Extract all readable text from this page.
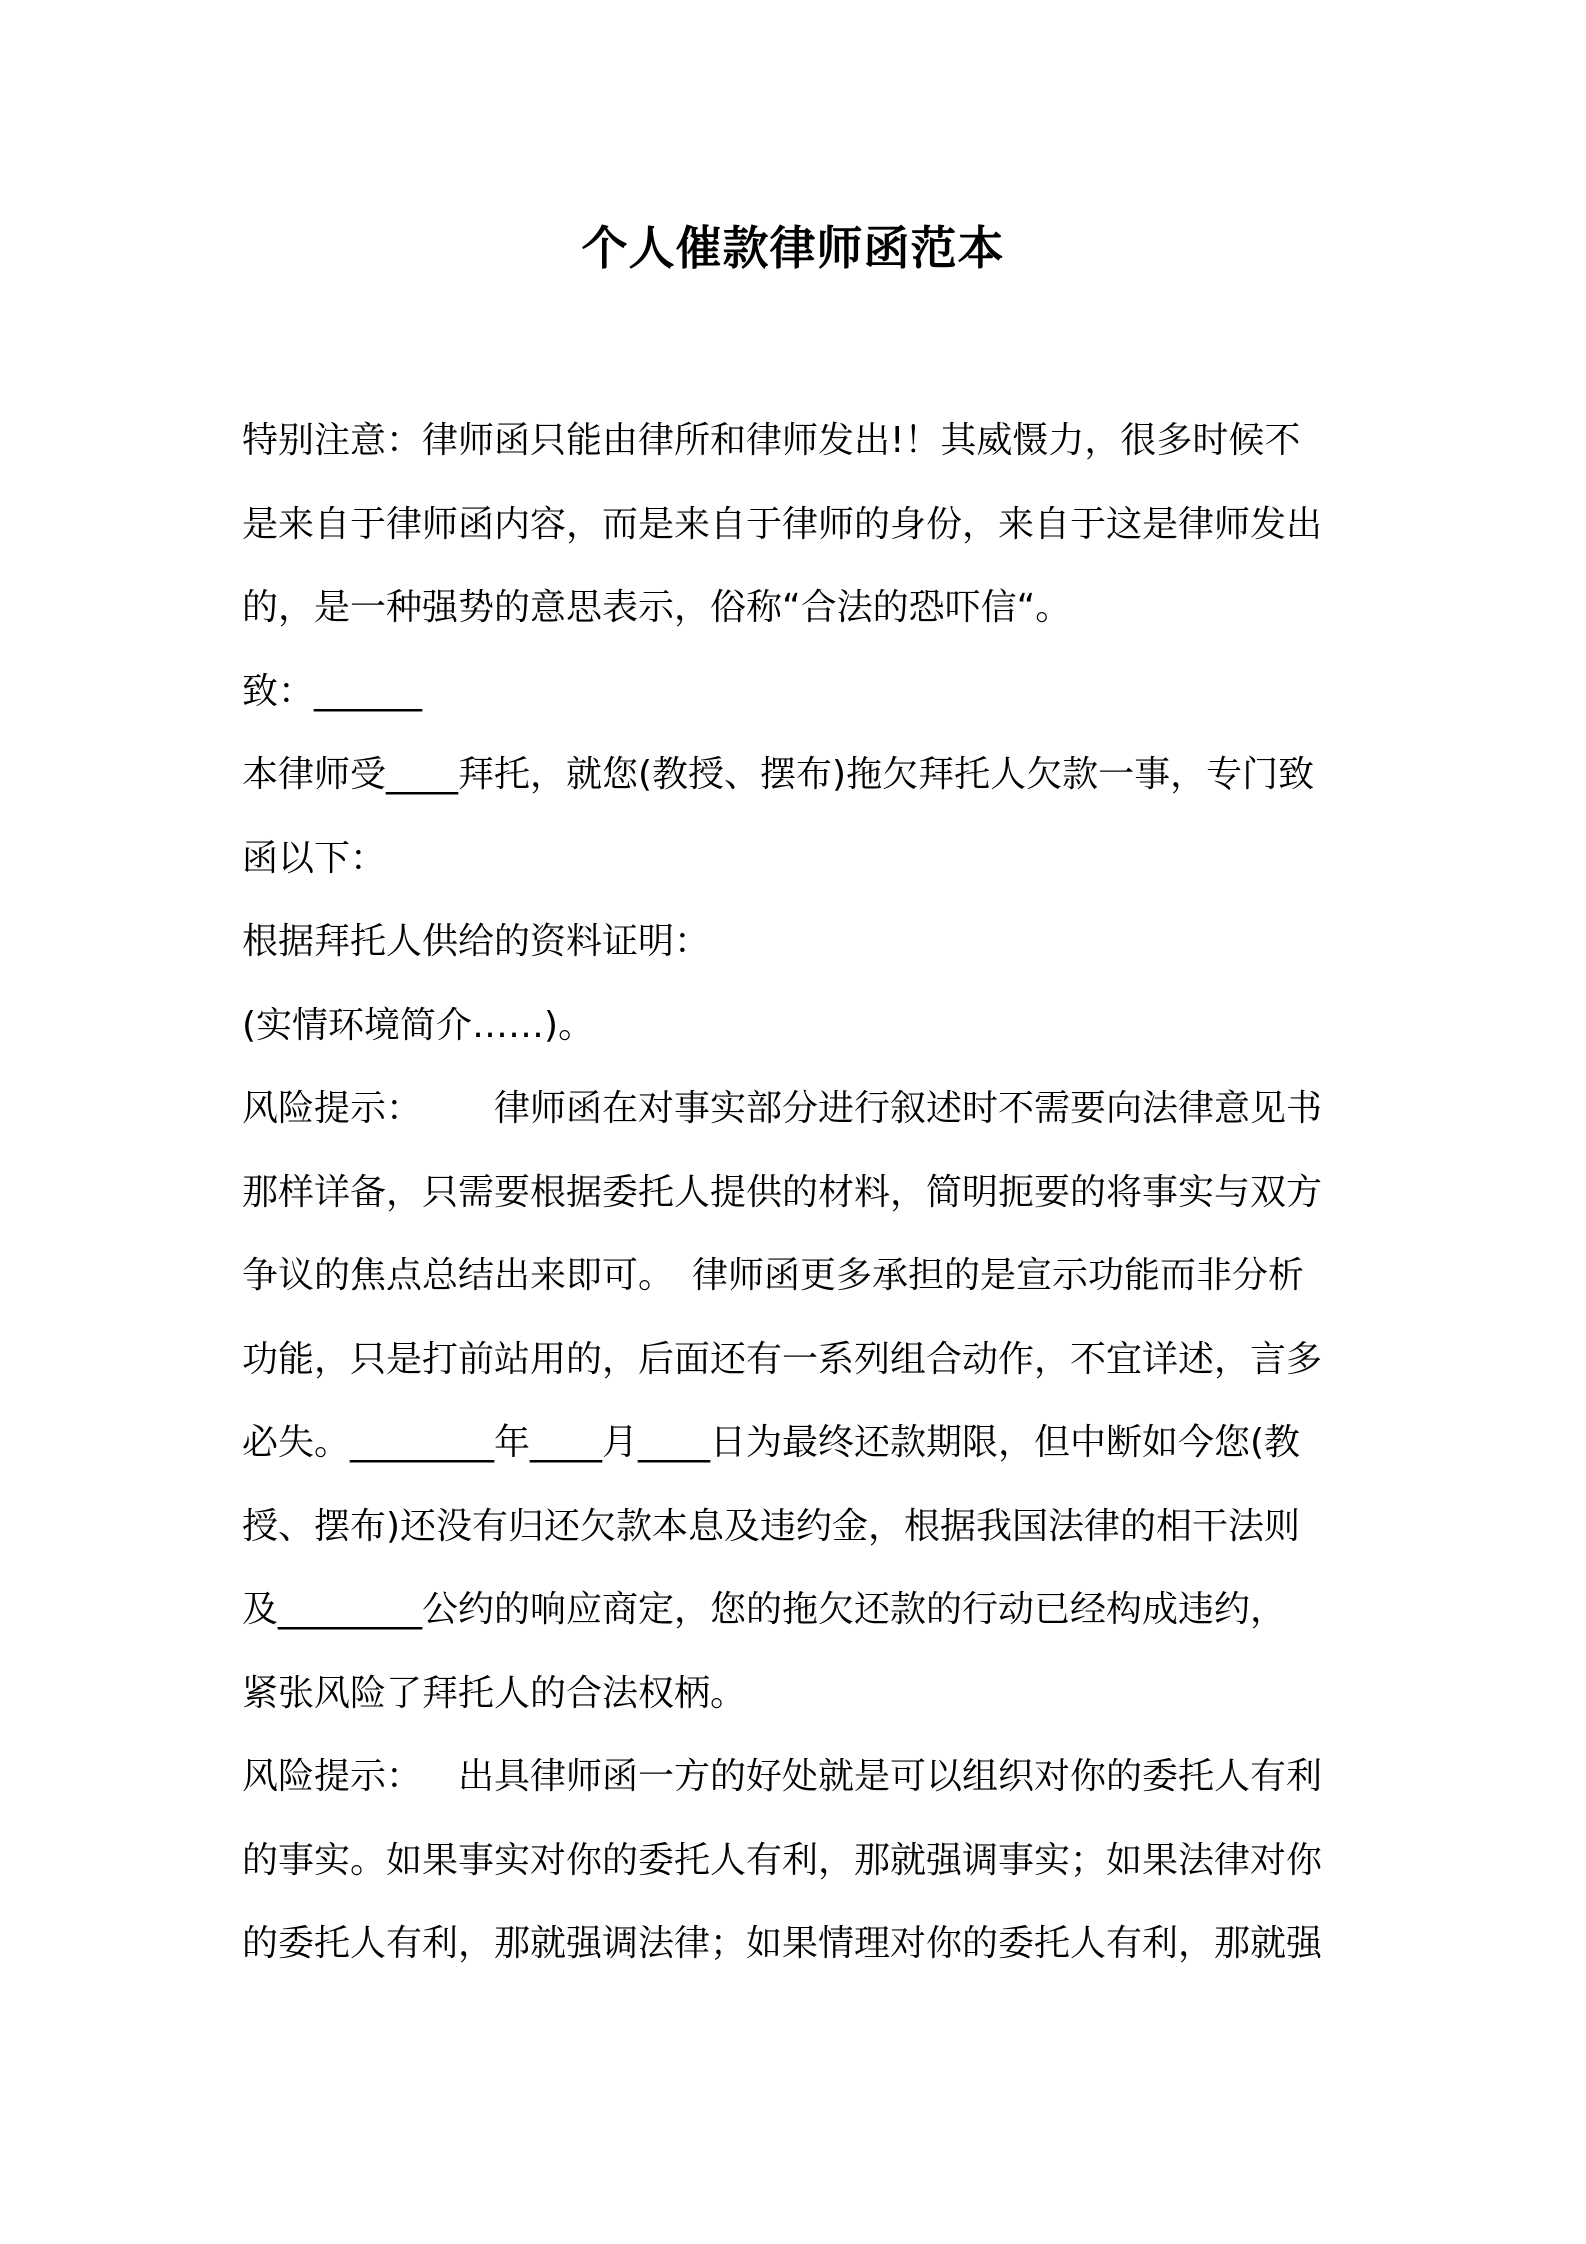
个人催款律师函范本

特别注意：律师函只能由律所和律师发出!！其威慑力，很多时候不

是来自于律师函内容，而是来自于律师的身份，来自于这是律师发出

的，是一种强势的意思表示，俗称“合法的恐吓信“。

致：______

本律师受____拜托，就您(教授、摆布)拖欠拜托人欠款一事，专门致

函以下：

根据拜托人供给的资料证明：

(实情环境简介……)。

风险提示： 律师函在对事实部分进行叙述时不需要向法律意见书

那样详备，只需要根据委托人提供的材料，简明扼要的将事实与双方

争议的焦点总结出来即可。　律师函更多承担的是宣示功能而非分析

功能，只是打前站用的，后面还有一系列组合动作，不宜详述，言多

必失。________年____月____日为最终还款期限，但中断如今您(教

授、摆布)还没有归还欠款本息及违约金，根据我国法律的相干法则

及________公约的响应商定，您的拖欠还款的行动已经构成违约，

紧张风险了拜托人的合法权柄。

风险提示： 出具律师函一方的好处就是可以组织对你的委托人有利

的事实。如果事实对你的委托人有利，那就强调事实；如果法律对你

的委托人有利，那就强调法律；如果情理对你的委托人有利，那就强
